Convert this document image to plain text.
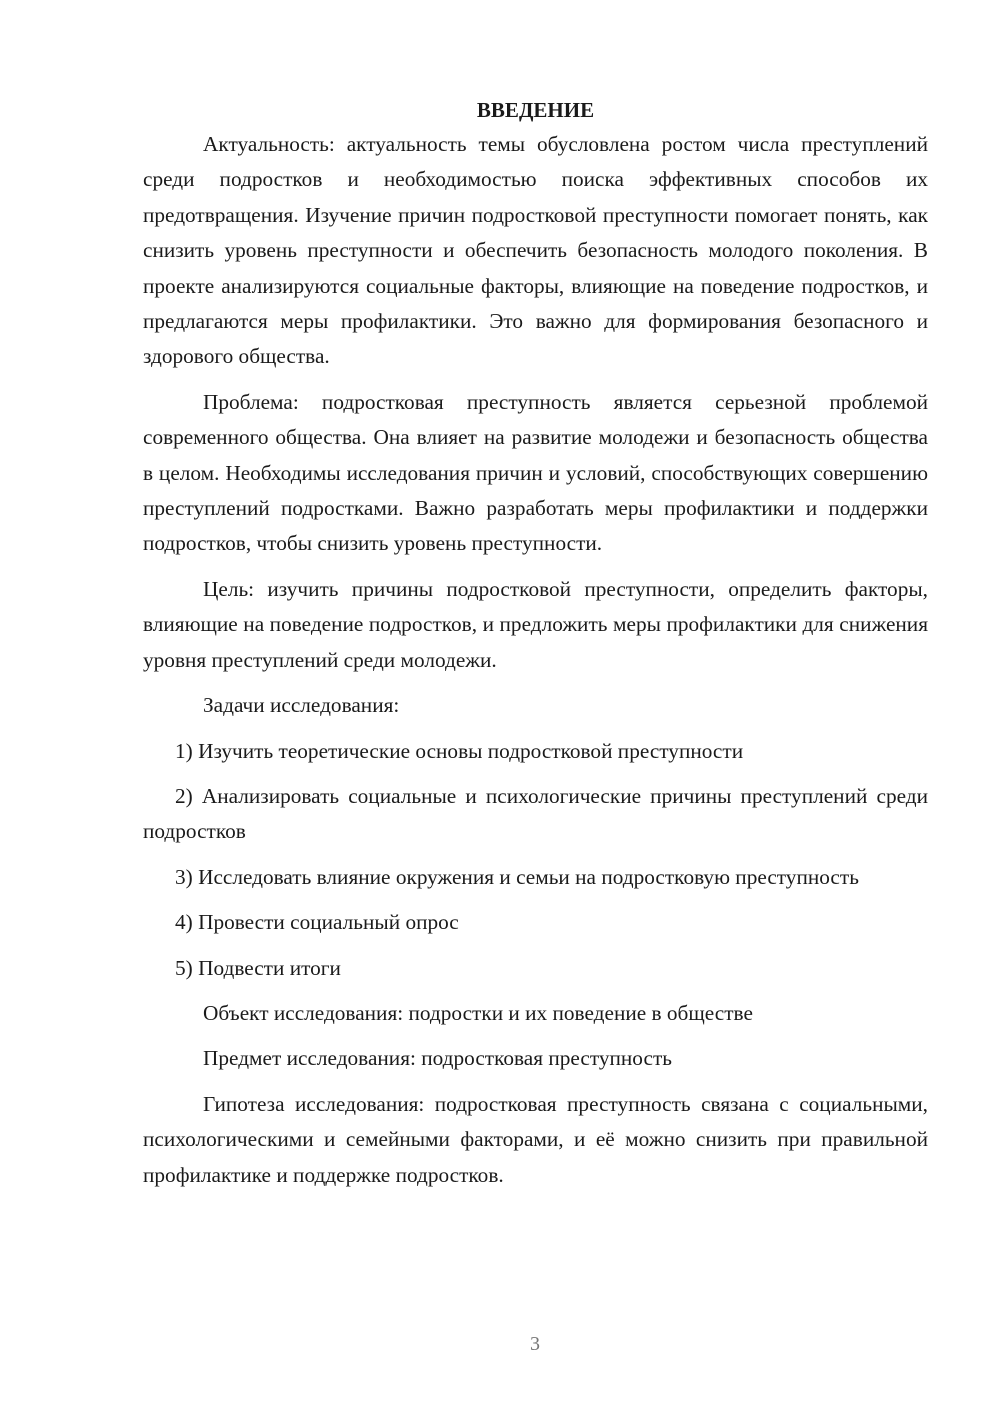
ВВЕДЕНИЕ

Актуальность: актуальность темы обусловлена ростом числа преступлений среди подростков и необходимостью поиска эффективных способов их предотвращения. Изучение причин подростковой преступности помогает понять, как снизить уровень преступности и обеспечить безопасность молодого поколения. В проекте анализируются социальные факторы, влияющие на поведение подростков, и предлагаются меры профилактики. Это важно для формирования безопасного и здорового общества.

Проблема: подростковая преступность является серьезной проблемой современного общества. Она влияет на развитие молодежи и безопасность общества в целом. Необходимы исследования причин и условий, способствующих совершению преступлений подростками. Важно разработать меры профилактики и поддержки подростков, чтобы снизить уровень преступности.

Цель: изучить причины подростковой преступности, определить факторы, влияющие на поведение подростков, и предложить меры профилактики для снижения уровня преступлений среди молодежи.

Задачи исследования:

1) Изучить теоретические основы подростковой преступности

2) Анализировать социальные и психологические причины преступлений среди подростков

3) Исследовать влияние окружения и семьи на подростковую преступность

4) Провести социальный опрос

5) Подвести итоги

Объект исследования: подростки и их поведение в обществе

Предмет исследования: подростковая преступность

Гипотеза исследования: подростковая преступность связана с социальными, психологическими и семейными факторами, и её можно снизить при правильной профилактике и поддержке подростков.

3
